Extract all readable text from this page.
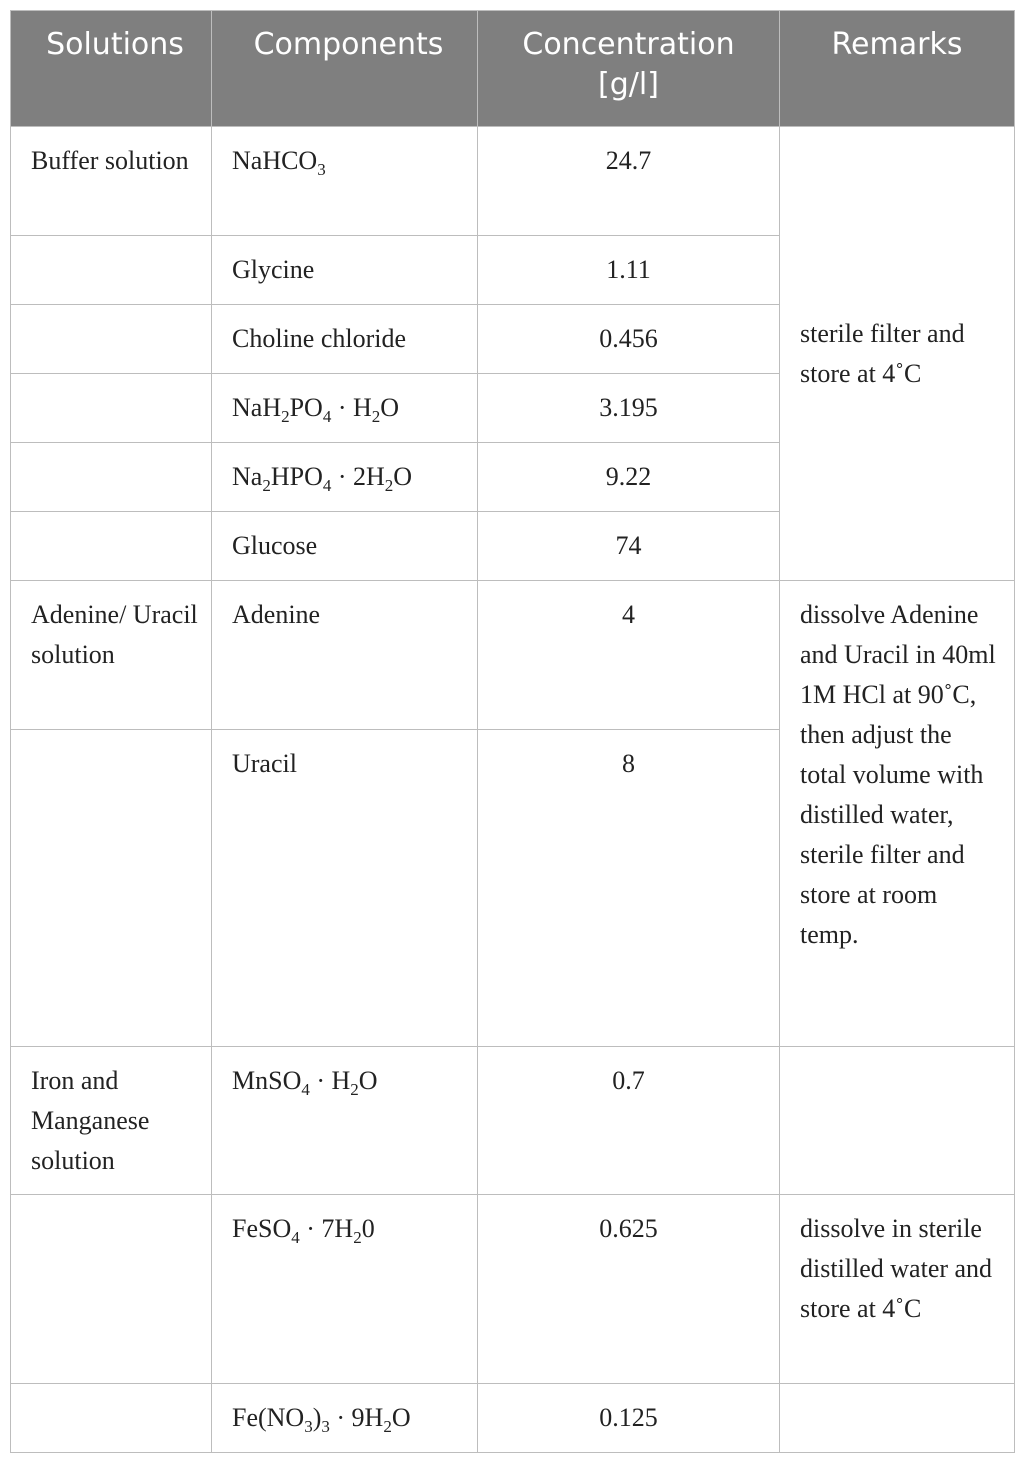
Solutions	Components	Concentration [g/l]	Remarks
Buffer solution	NaHCO$_3$	24.7	sterile filter and store at 4˚C
	Glycine	1.11	
	Choline chloride	0.456	
	$NaH_2PO_4 \cdot H_2O$	3.195	
	$Na_2HPO_4 \cdot 2H_2O$	9.22	
	Glucose	74	
Adenine/ Uracil solution	Adenine	4	dissolve Adenine and Uracil in 40ml 1M HCl at 90˚C, then adjust the total volume with distilled water, sterile filter and store at room temp.
	Uracil	8	
Iron and Manganese solution	MnSO$_4$ · $H_2O$	0.7	
	FeSO$_4$ · $7H_20$	0.625	dissolve in sterile distilled water and store at 4˚C
	$Fe(NO_3)_3 \cdot 9H_2O$	0.125	
